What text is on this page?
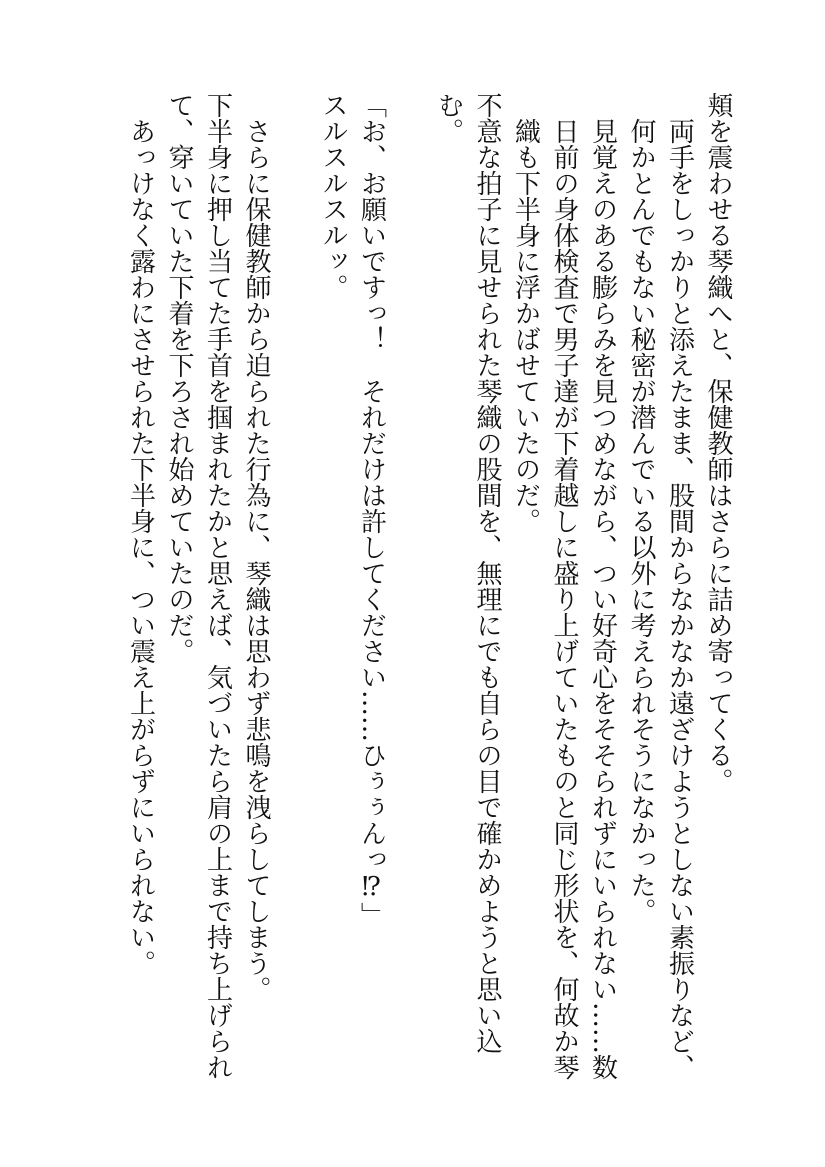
頬を震わせる琴織へと、保健教師はさらに詰め寄ってくる。

両手をしっかりと添えたまま、股間からなかなか遠ざけようとしない素振りなど、何かとんでもない秘密が潜んでいる以外に考えられそうになかった。

見覚えのある膨らみを見つめながら、つい好奇心をそそられずにいられない……数日前の身体検査で男子達が下着越しに盛り上げていたものと同じ形状を、何故か琴織も下半身に浮かばせていたのだ。

不意な拍子に見せられた琴織の股間を、無理にでも自らの目で確かめようと思い込む。

「お、お願いですっ！　それだけは許してください……ひぅぅんっ⁉」

スルスルスルッ。

さらに保健教師から迫られた行為に、琴織は思わず悲鳴を洩らしてしまう。

下半身に押し当てた手首を掴まれたかと思えば、気づいたら肩の上まで持ち上げられて、穿いていた下着を下ろされ始めていたのだ。

あっけなく露わにさせられた下半身に、つい震え上がらずにいられない。
